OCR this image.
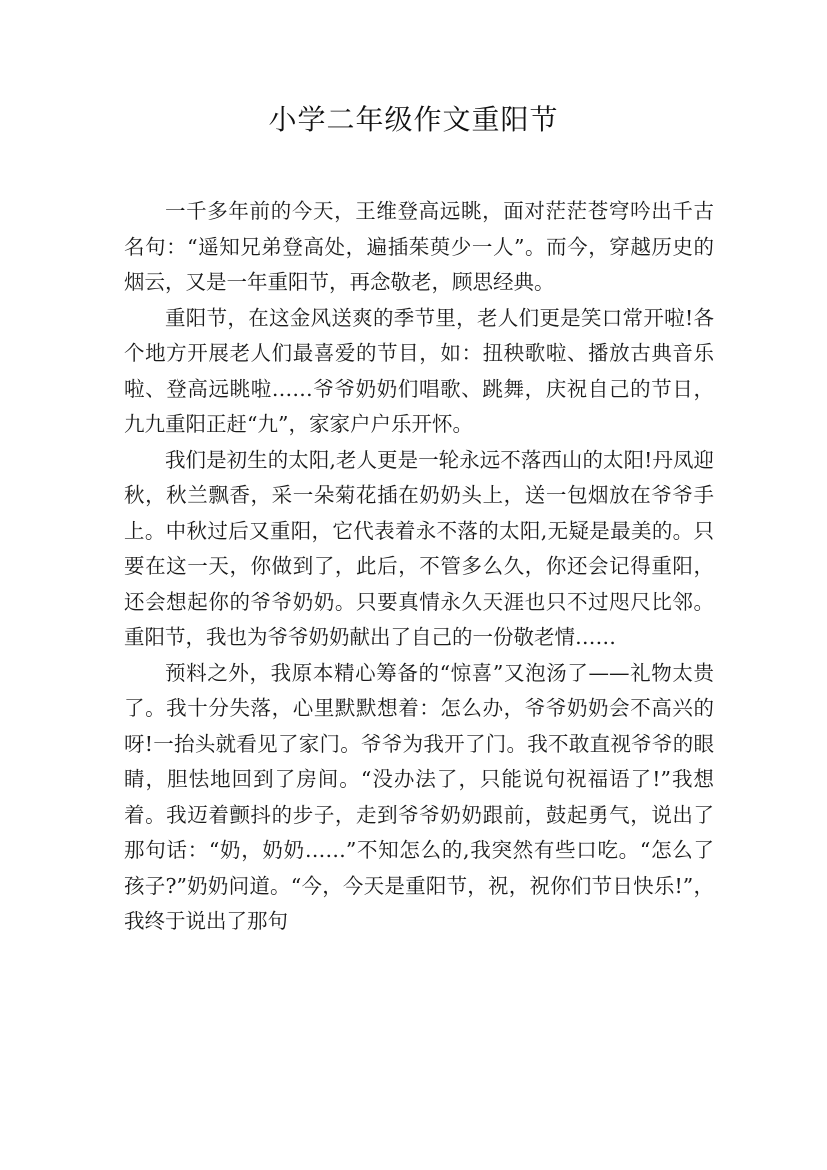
小学二年级作文重阳节

一千多年前的今天，王维登高远眺，面对茫茫苍穹吟出千古名句：“遥知兄弟登高处，遍插茱萸少一人”。而今，穿越历史的烟云，又是一年重阳节，再念敬老，顾思经典。

重阳节，在这金风送爽的季节里，老人们更是笑口常开啦!各个地方开展老人们最喜爱的节目，如：扭秧歌啦、播放古典音乐啦、登高远眺啦……爷爷奶奶们唱歌、跳舞，庆祝自己的节日，九九重阳正赶“九”，家家户户乐开怀。

我们是初生的太阳,老人更是一轮永远不落西山的太阳!丹凤迎秋，秋兰飘香，采一朵菊花插在奶奶头上，送一包烟放在爷爷手上。中秋过后又重阳，它代表着永不落的太阳,无疑是最美的。只要在这一天，你做到了，此后，不管多么久，你还会记得重阳，还会想起你的爷爷奶奶。只要真情永久天涯也只不过咫尺比邻。重阳节，我也为爷爷奶奶献出了自己的一份敬老情……

预料之外，我原本精心筹备的“惊喜”又泡汤了——礼物太贵了。我十分失落，心里默默想着：怎么办，爷爷奶奶会不高兴的呀!一抬头就看见了家门。爷爷为我开了门。我不敢直视爷爷的眼睛，胆怯地回到了房间。“没办法了，只能说句祝福语了!”我想着。我迈着颤抖的步子，走到爷爷奶奶跟前，鼓起勇气，说出了那句话：“奶，奶奶……”不知怎么的,我突然有些口吃。“怎么了孩子?”奶奶问道。“今，今天是重阳节，祝，祝你们节日快乐!”，我终于说出了那句
